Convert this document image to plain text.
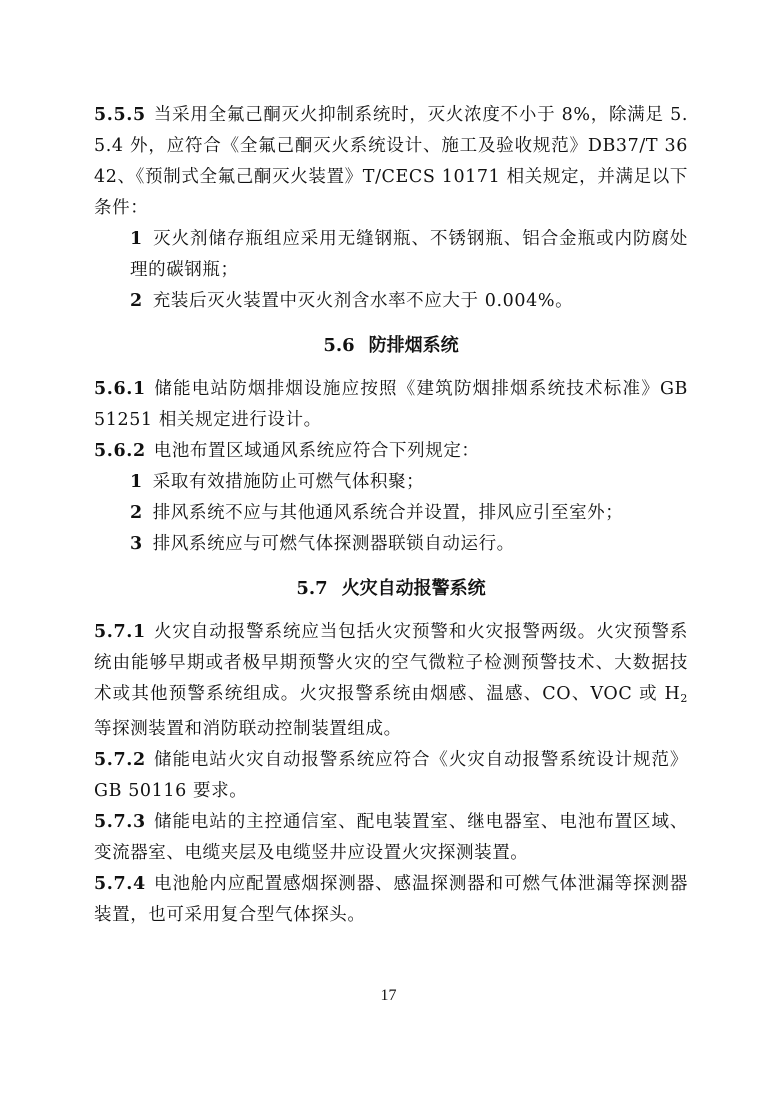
5.5.5 当采用全氟己酮灭火抑制系统时，灭火浓度不小于 8%，除满足 5.5.4 外，应符合《全氟己酮灭火系统设计、施工及验收规范》DB37/T 3642、《预制式全氟己酮灭火装置》T/CECS 10171 相关规定，并满足以下条件：

1 灭火剂储存瓶组应采用无缝钢瓶、不锈钢瓶、铝合金瓶或内防腐处理的碳钢瓶；

2 充装后灭火装置中灭火剂含水率不应大于 0.004%。

5.6 防排烟系统

5.6.1 储能电站防烟排烟设施应按照《建筑防烟排烟系统技术标准》GB 51251 相关规定进行设计。

5.6.2 电池布置区域通风系统应符合下列规定：

1 采取有效措施防止可燃气体积聚；

2 排风系统不应与其他通风系统合并设置，排风应引至室外；

3 排风系统应与可燃气体探测器联锁自动运行。

5.7 火灾自动报警系统

5.7.1 火灾自动报警系统应当包括火灾预警和火灾报警两级。火灾预警系统由能够早期或者极早期预警火灾的空气微粒子检测预警技术、大数据技术或其他预警系统组成。火灾报警系统由烟感、温感、CO、VOC 或 $H_2$等探测装置和消防联动控制装置组成。

5.7.2 储能电站火灾自动报警系统应符合《火灾自动报警系统设计规范》GB 50116 要求。

5.7.3 储能电站的主控通信室、配电装置室、继电器室、电池布置区域、变流器室、电缆夹层及电缆竖井应设置火灾探测装置。

5.7.4 电池舱内应配置感烟探测器、感温探测器和可燃气体泄漏等探测器装置，也可采用复合型气体探头。

17
